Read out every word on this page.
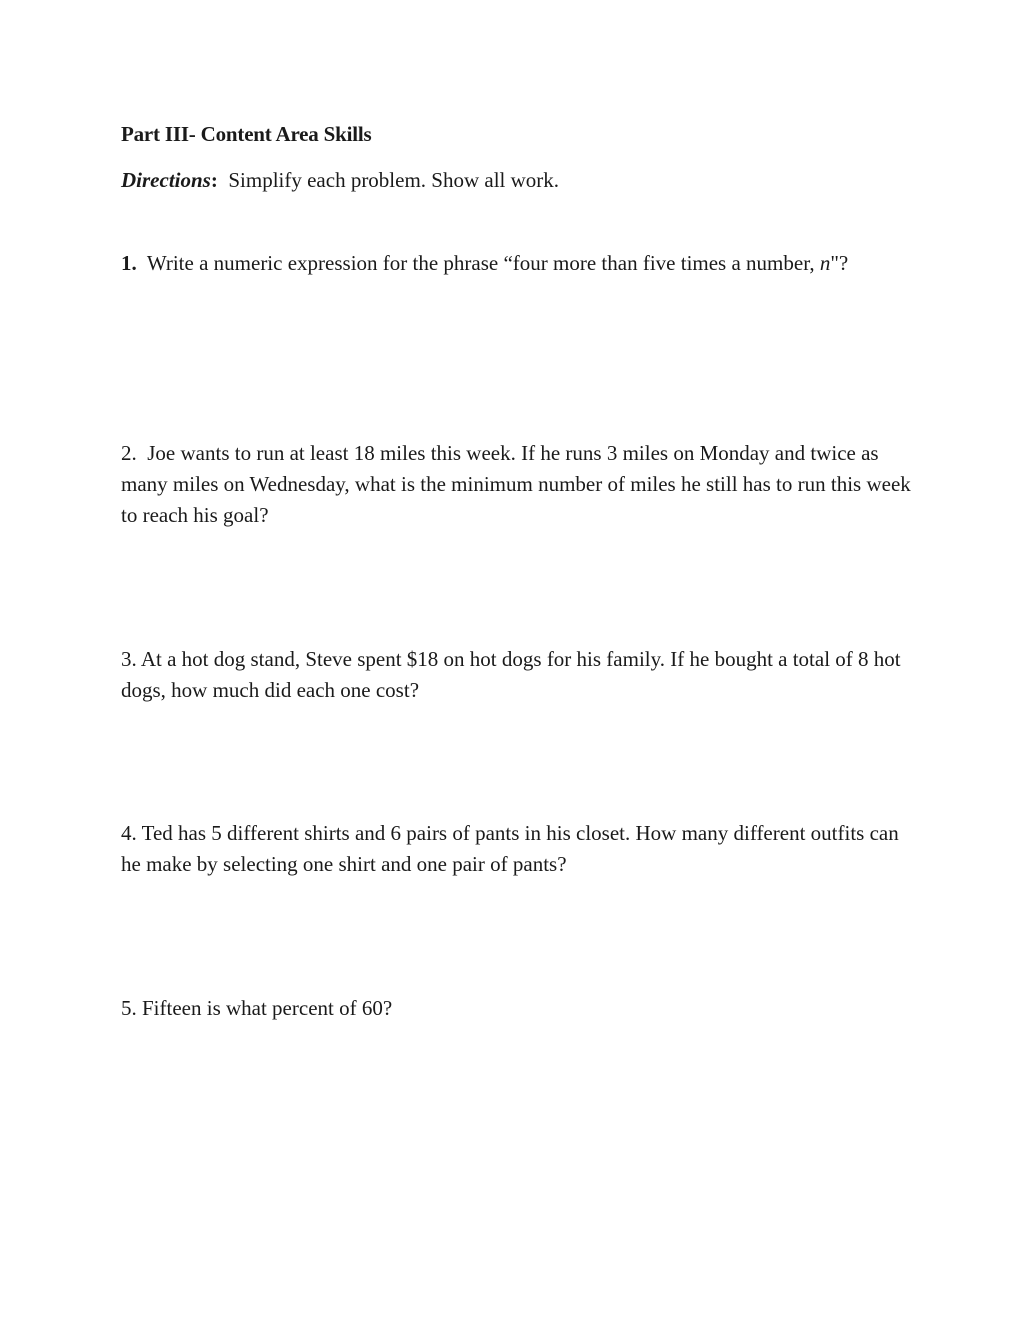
Part III- Content Area Skills
Directions: Simplify each problem. Show all work.
1. Write a numeric expression for the phrase “four more than five times a number, n"?
2. Joe wants to run at least 18 miles this week. If he runs 3 miles on Monday and twice as many miles on Wednesday, what is the minimum number of miles he still has to run this week to reach his goal?
3. At a hot dog stand, Steve spent $18 on hot dogs for his family. If he bought a total of 8 hot dogs, how much did each one cost?
4. Ted has 5 different shirts and 6 pairs of pants in his closet. How many different outfits can he make by selecting one shirt and one pair of pants?
5. Fifteen is what percent of 60?
